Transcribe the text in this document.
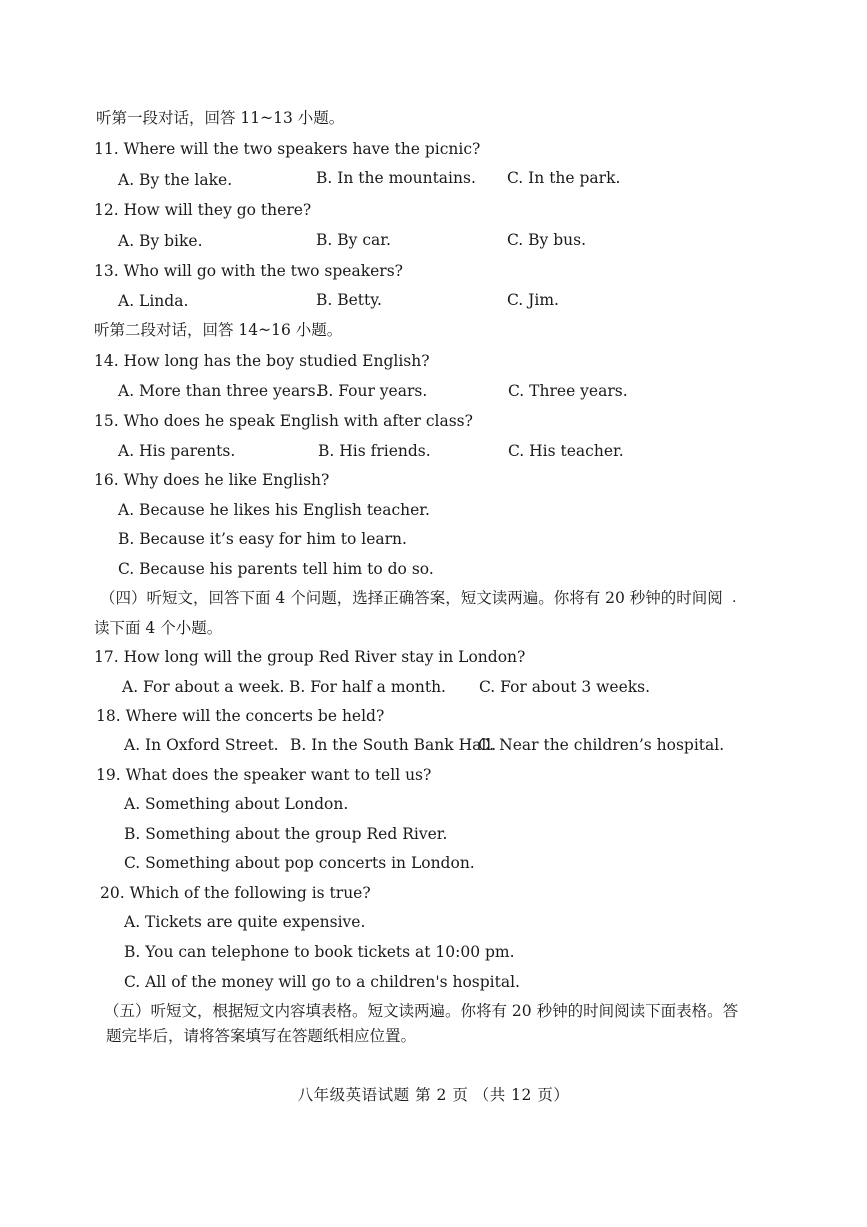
听第一段对话，回答 11~13 小题。
11. Where will the two speakers have the picnic?
A. By the lake.	B. In the mountains. C. In the park.
12. How will they go there?
A. By bike.	B. By car.	C. By bus.
13. Who will go with the two speakers?
A. Linda.	B. Betty.	C. Jim.
听第二段对话，回答 14~16 小题。
14. How long has the boy studied English?
A. More than three years.
B. Four years.	C. Three years.
15. Who does he speak English with after class?
A. His parents.	B. His friends.	C. His teacher.
16. Why does he like English?
A. Because he likes his English teacher.
B. Because it’s easy for him to learn.
C. Because his parents tell him to do so.
（四）听短文，回答下面 4 个问题，选择正确答案，短文读两遍。你将有 20 秒钟的时间阅 .
读下面 4 个小题。
17. How long will the group Red River stay in London?
A. For about a week. B. For half a month. C. For about 3 weeks.
18. Where will the concerts be held?
A. In Oxford Street. B. In the South Bank Hall.
C. Near the children’s hospital.
19. What does the speaker want to tell us?
A. Something about London.
B. Something about the group Red River.
C. Something about pop concerts in London.
20. Which of the following is true?
A. Tickets are quite expensive.
B. You can telephone to book tickets at 10:00 pm.
C. All of the money will go to a children's hospital.
（五）听短文，根据短文内容填表格。短文读两遍。你将有 20 秒钟的时间阅读下面表格。答
题完毕后，请将答案填写在答题纸相应位置。
八年级英语试题 第 2 页 （共 12 页）
